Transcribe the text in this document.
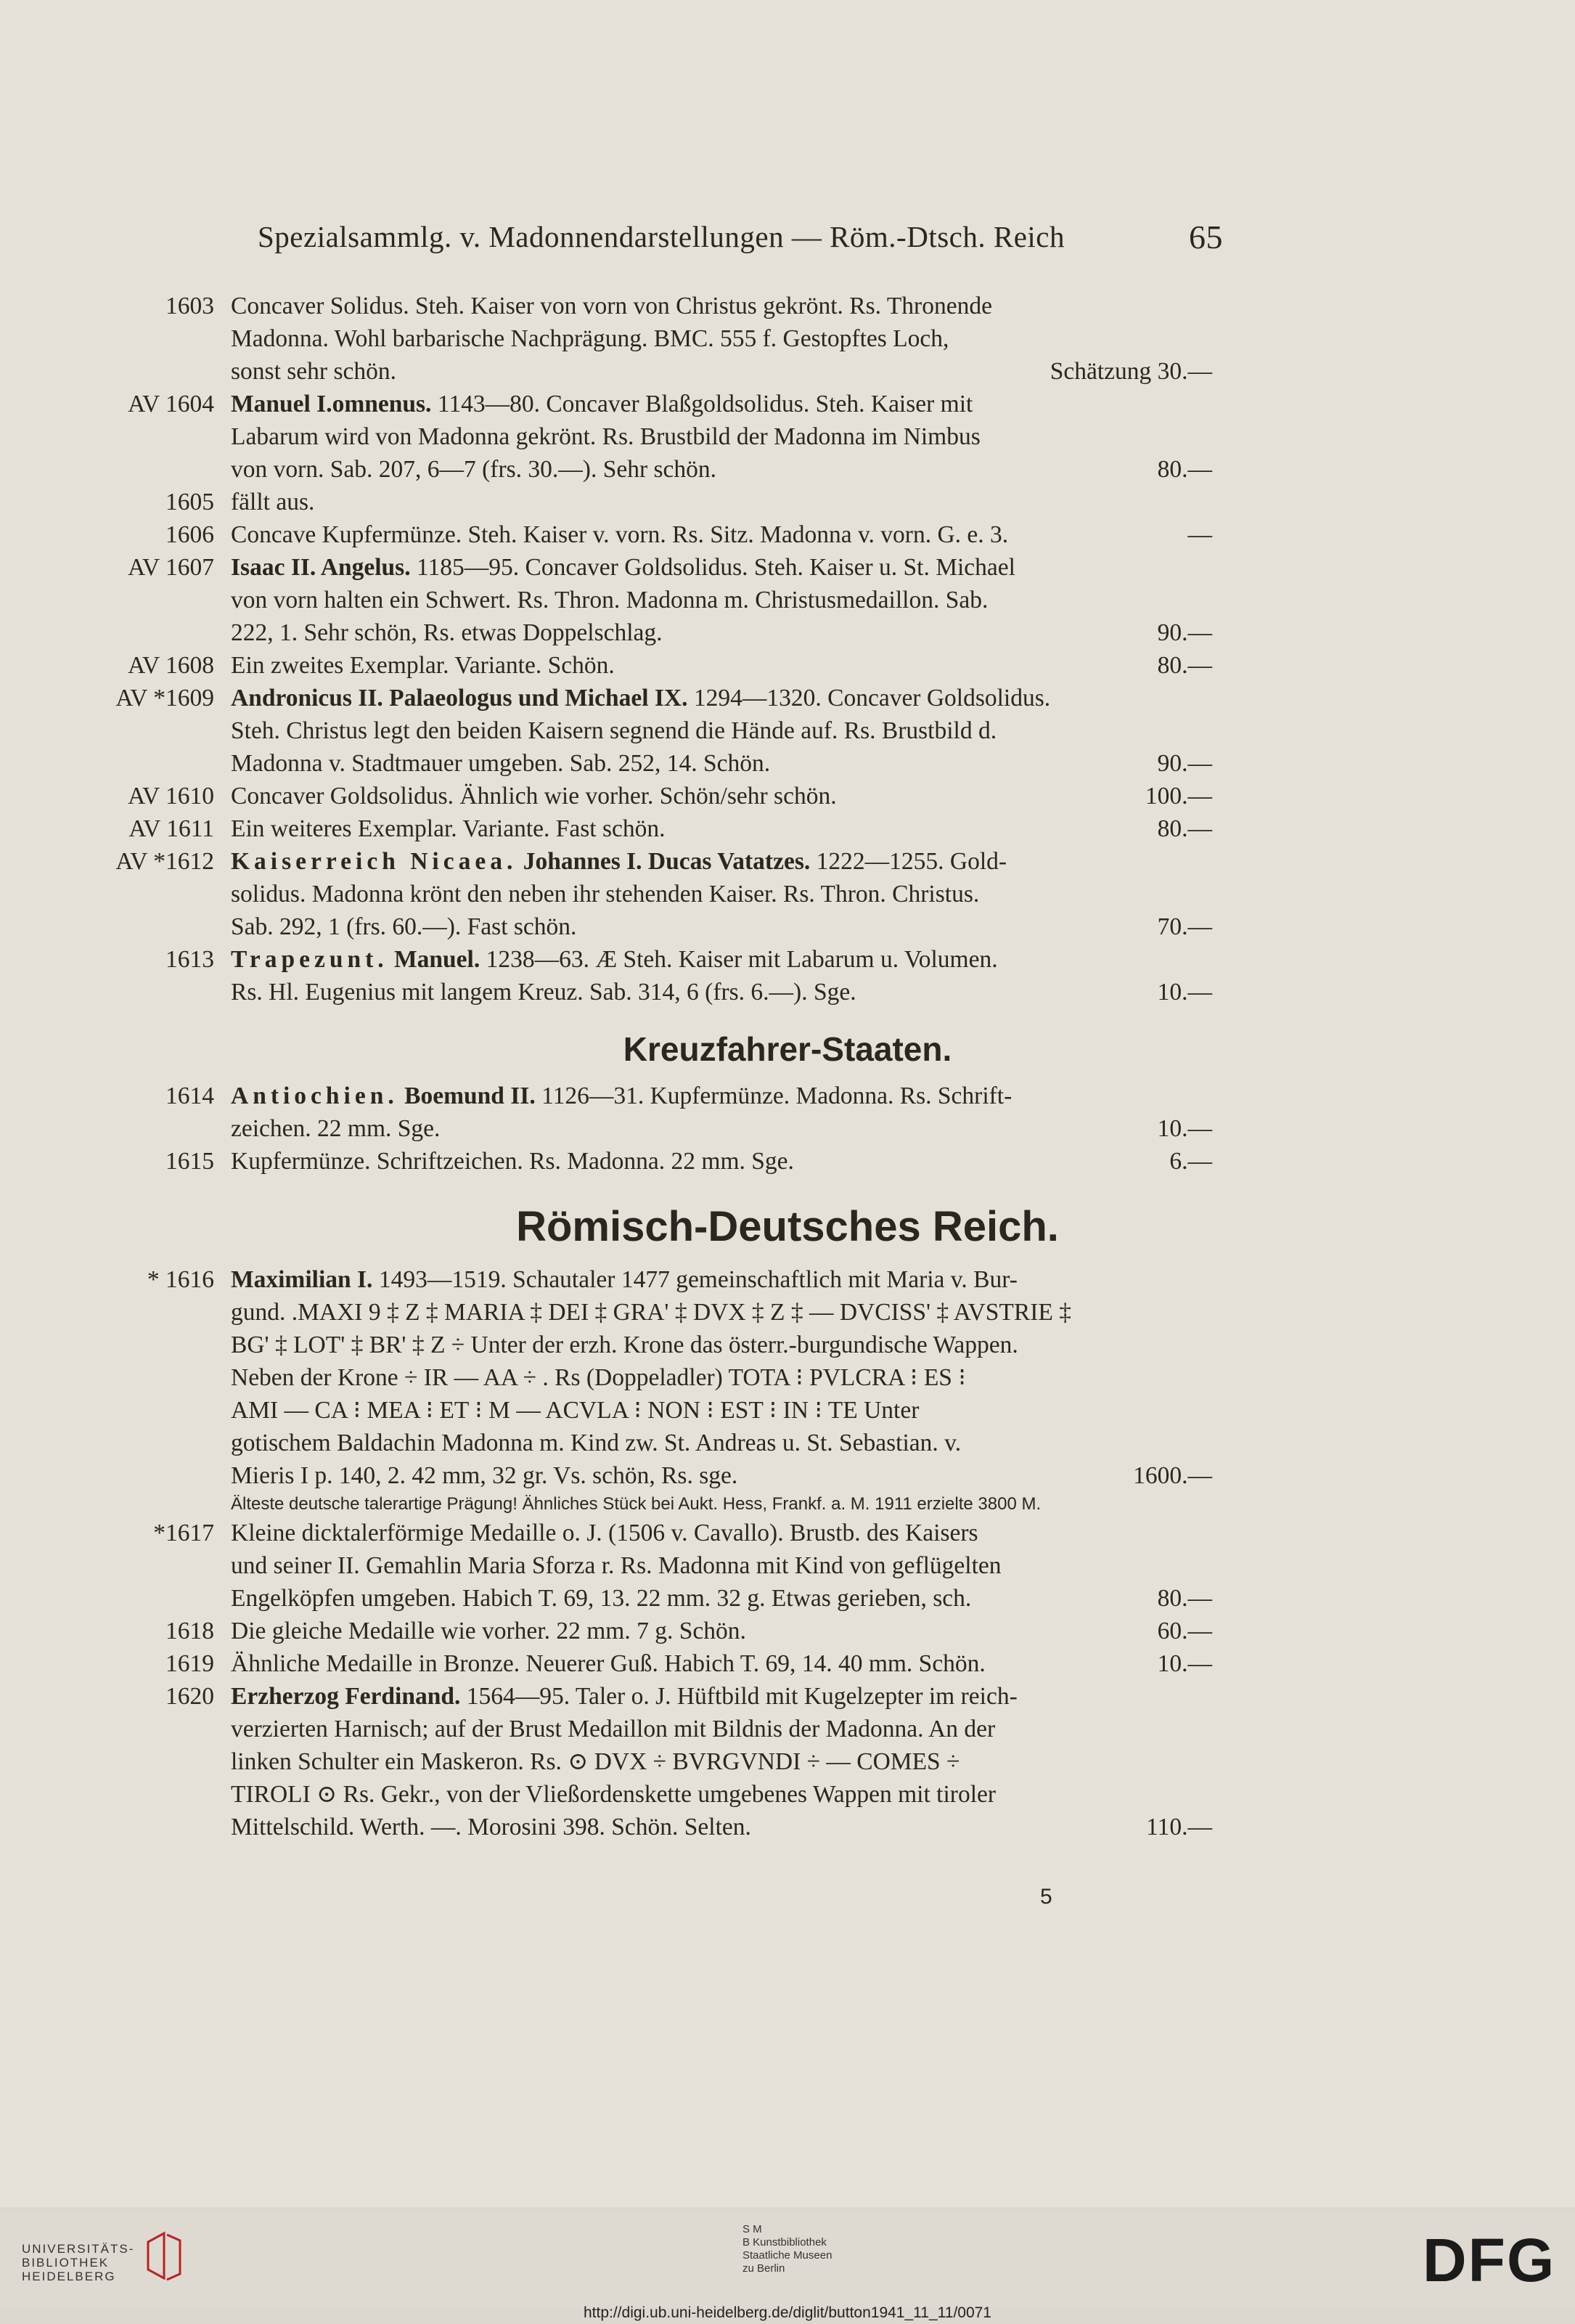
Spezialsammlg. v. Madonnendarstellungen — Röm.-Dtsch. Reich	65
1603 Concaver Solidus. Steh. Kaiser von vorn von Christus gekrönt. Rs. Thronende
Madonna. Wohl barbarische Nachprägung. BMC. 555 f. Gestopftes Loch,
sonst sehr schön.	Schätzung 30.—
AV 1604 Manuel I.omnenus. 1143—80. Concaver Blaßgoldsolidus. Steh. Kaiser mit
Labarum wird von Madonna gekrönt. Rs. Brustbild der Madonna im Nimbus
von vorn. Sab. 207, 6—7 (frs. 30.—). Sehr schön.	80.—
1605 fällt aus.
1606 Concave Kupfermünze. Steh. Kaiser v. vorn. Rs. Sitz. Madonna v. vorn. G. e. 3.	—
AV 1607 Isaac II. Angelus. 1185—95. Concaver Goldsolidus. Steh. Kaiser u. St. Michael
von vorn halten ein Schwert. Rs. Thron. Madonna m. Christusmedaillon. Sab.
222, 1. Sehr schön, Rs. etwas Doppelschlag.	90.—
AV 1608 Ein zweites Exemplar. Variante. Schön.	80.—
AV *1609 Andronicus II. Palaeologus und Michael IX. 1294—1320. Concaver Goldsolidus.
Steh. Christus legt den beiden Kaisern segnend die Hände auf. Rs. Brustbild d.
Madonna v. Stadtmauer umgeben. Sab. 252, 14. Schön.	90.—
AV 1610 Concaver Goldsolidus. Ähnlich wie vorher. Schön/sehr schön.	100.—
AV 1611 Ein weiteres Exemplar. Variante. Fast schön.	80.—
AV *1612 Kaiserreich Nicaea. Johannes I. Ducas Vatatzes. 1222—1255. Gold-
solidus. Madonna krönt den neben ihr stehenden Kaiser. Rs. Thron. Christus.
Sab. 292, 1 (frs. 60.—). Fast schön.	70.—
1613 Trapezunt. Manuel. 1238—63. Æ Steh. Kaiser mit Labarum u. Volumen.
Rs. Hl. Eugenius mit langem Kreuz. Sab. 314, 6 (frs. 6.—). Sge.	10.—
1614 Antiochien. Boemund II. 1126—31. Kupfermünze. Madonna. Rs. Schrift-
zeichen. 22 mm. Sge.	10.—
1615 Kupfermünze. Schriftzeichen. Rs. Madonna. 22 mm. Sge.	6.—
* 1616 Maximilian I. 1493—1519. Schautaler 1477 gemeinschaftlich mit Maria v. Bur-
gund. .MAXI 9 ‡ Z ‡ MARIA ‡ DEI ‡ GRA' ‡ DVX ‡ Z ‡ — DVCISS' ‡ AVSTRIE ‡
BG' ‡ LOT' ‡ BR' ‡ Z ÷ Unter der erzh. Krone das österr.-burgundische Wappen.
Neben der Krone ÷ IR — AA ÷ . Rs (Doppeladler) TOTA ⁝ PVLCRA ⁝ ES ⁝
AMI — CA ⁝ MEA ⁝ ET ⁝ M — ACVLA ⁝ NON ⁝ EST ⁝ IN ⁝ TE Unter
gotischem Baldachin Madonna m. Kind zw. St. Andreas u. St. Sebastian. v.
Mieris I p. 140, 2. 42 mm, 32 gr. Vs. schön, Rs. sge.	1600.—
Älteste deutsche talerartige Prägung! Ähnliches Stück bei Aukt. Hess, Frankf. a. M. 1911 erzielte 3800 M.
*1617 Kleine dicktalerförmige Medaille o. J. (1506 v. Cavallo). Brustb. des Kaisers
und seiner II. Gemahlin Maria Sforza r. Rs. Madonna mit Kind von geflügelten
Engelköpfen umgeben. Habich T. 69, 13. 22 mm. 32 g. Etwas gerieben, sch.	80.—
1618 Die gleiche Medaille wie vorher. 22 mm. 7 g. Schön.	60.—
1619 Ähnliche Medaille in Bronze. Neuerer Guß. Habich T. 69, 14. 40 mm. Schön.	10.—
1620 Erzherzog Ferdinand. 1564—95. Taler o. J. Hüftbild mit Kugelzepter im reich-
verzierten Harnisch; auf der Brust Medaillon mit Bildnis der Madonna. An der
linken Schulter ein Maskeron. Rs. ⊙ DVX ÷ BVRGVNDI ÷ — COMES ÷
TIROLI ⊙ Rs. Gekr., von der Vließordenskette umgebenes Wappen mit tiroler
Mittelschild. Werth. —. Morosini 398. Schön. Selten.	110.—
Kreuzfahrer-Staaten.
Römisch-Deutsches Reich.
5
UNIVERSITÄTS-
BIBLIOTHEK
HEIDELBERG
S M
B Kunstbibliothek
Staatliche Museen
zu Berlin	DFG
http://digi.ub.uni-heidelberg.de/diglit/button1941_11_11/0071
